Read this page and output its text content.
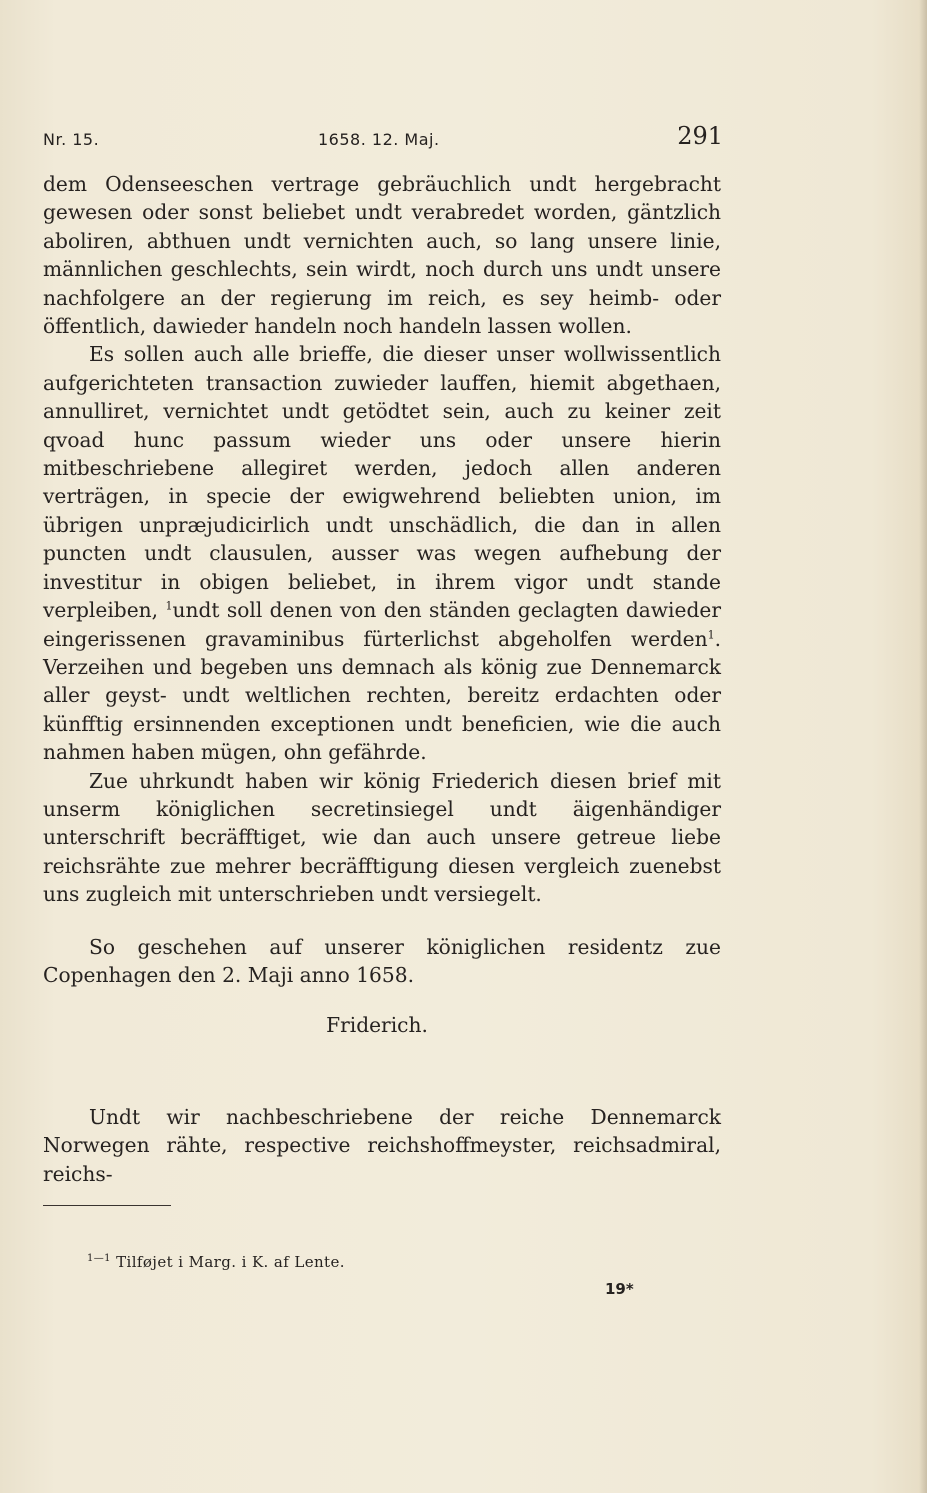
Nr. 15.	1658. 12. Maj.	291

dem Odenseeschen vertrage gebräuchlich undt hergebracht gewesen oder sonst beliebet undt verabredet worden, gäntzlich aboliren, abthuen undt vernichten auch, so lang unsere linie, männlichen geschlechts, sein wirdt, noch durch uns undt unsere nachfolgere an der regierung im reich, es sey heimb- oder öffentlich, dawieder handeln noch handeln lassen wollen.

Es sollen auch alle brieffe, die dieser unser wollwissentlich aufgerichteten transaction zuwieder lauffen, hiemit abgethaen, annulliret, vernichtet undt getödtet sein, auch zu keiner zeit qvoad hunc passum wieder uns oder unsere hierin mitbeschriebene allegiret werden, jedoch allen anderen verträgen, in specie der ewigwehrend beliebten union, im übrigen unpræjudicirlich undt unschädlich, die dan in allen puncten undt clausulen, ausser was wegen aufhebung der investitur in obigen beliebet, in ihrem vigor undt stande verpleiben, $^1$undt soll denen von den ständen geclagten dawieder eingerissenen gravaminibus fürterlichst abgeholfen werden$^1$. Verzeihen und begeben uns demnach als könig zue Dennemarck aller geyst- undt weltlichen rechten, bereitz erdachten oder künfftig ersinnenden exceptionen undt beneficien, wie die auch nahmen haben mügen, ohn gefährde.

Zue uhrkundt haben wir könig Friederich diesen brief mit unserm königlichen secretinsiegel undt äigenhändiger unterschrift becräfftiget, wie dan auch unsere getreue liebe reichsrähte zue mehrer becräfftigung diesen vergleich zuenebst uns zugleich mit unterschrieben undt versiegelt.

So geschehen auf unserer königlichen residentz zue Copenhagen den 2. Maji anno 1658.

Friderich.
Undt wir nachbeschriebene der reiche Dennemarck Norwegen rähte, respective reichshoffmeyster, reichsadmiral, reichs-
$^{1—1}$ Tilføjet i Marg. i K. af Lente.
19*
